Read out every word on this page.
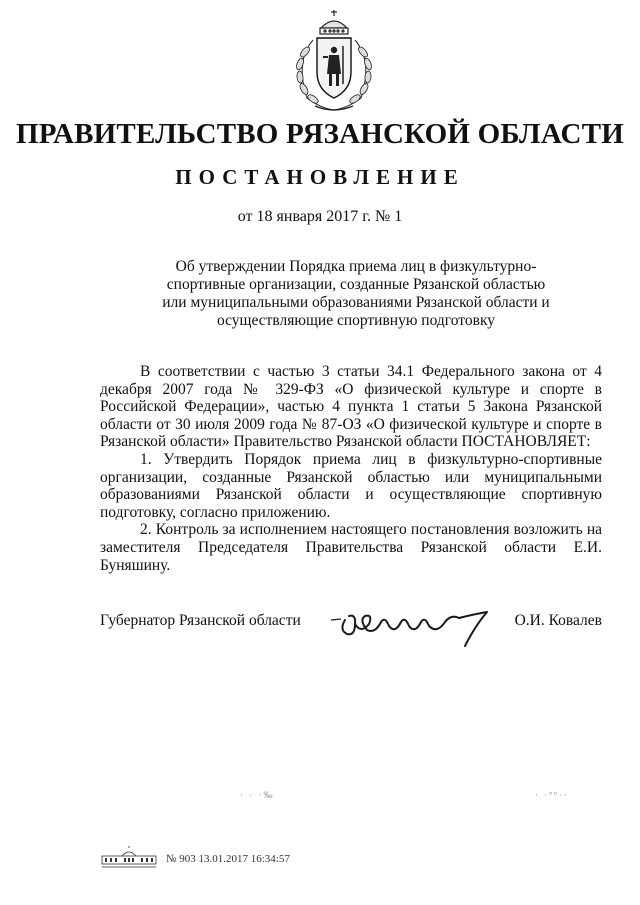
ПРАВИТЕЛЬСТВО РЯЗАНСКОЙ ОБЛАСТИ
ПОСТАНОВЛЕНИЕ
от 18 января 2017 г. № 1
Об утверждении Порядка приема лиц в физкультурно-
спортивные организации, созданные Рязанской областью
или муниципальными образованиями Рязанской области и
осуществляющие спортивную подготовку

В соответствии с частью 3 статьи 34.1 Федерального закона от 4 декабря 2007 года № 329-ФЗ «О физической культуре и спорте в Российской Федерации», частью 4 пункта 1 статьи 5 Закона Рязанской области от 30 июля 2009 года № 87-ОЗ «О физической культуре и спорте в Рязанской области» Правительство Рязанской области ПОСТАНОВЛЯЕТ:

1. Утвердить Порядок приема лиц в физкультурно-спортивные организации, созданные Рязанской областью или муниципальными образованиями Рязанской области и осуществляющие спортивную подготовку, согласно приложению.

2. Контроль за исполнением настоящего постановления возложить на заместителя Председателя Правительства Рязанской области Е.И. Буняшину.

Губернатор Рязанской области	О.И. Ковалев
· · ·‰	· ·ºº··
№ 903 13.01.2017 16:34:57
